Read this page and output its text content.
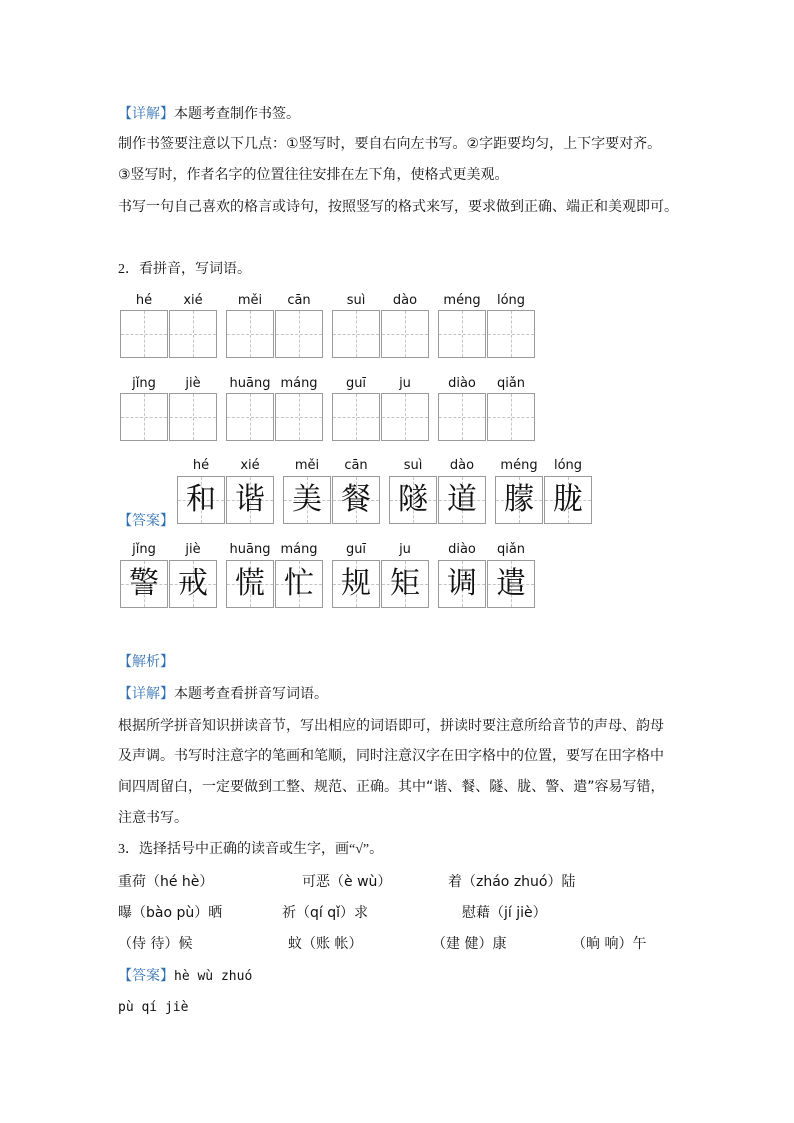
【详解】本题考查制作书签。
制作书签要注意以下几点：①竖写时，要自右向左书写。②字距要均匀，上下字要对齐。
③竖写时，作者名字的位置往往安排在左下角，使格式更美观。
书写一句自己喜欢的格言或诗句，按照竖写的格式来写，要求做到正确、端正和美观即可。
2．看拼音，写词语。
hé	xié	měi	cān	suì	dào	méng	lóng
jǐng	jiè	huāng máng	guī	ju	diào	qiǎn
【答案】
hé	xié	měi	cān	suì	dào	méng	lóng
和 谐 美 餐 隧 道 朦 胧
jǐng	jiè	huāng máng	guī	ju	diào	qiǎn
警 戒 慌 忙 规 矩 调 遣
【解析】
【详解】本题考查看拼音写词语。
根据所学拼音知识拼读音节，写出相应的词语即可，拼读时要注意所给音节的声母、韵母
及声调。书写时注意字的笔画和笔顺，同时注意汉字在田字格中的位置，要写在田字格中
间四周留白，一定要做到工整、规范、正确。其中“谐、餐、隧、胧、警、遣”容易写错，
注意书写。
3．选择括号中正确的读音或生字，画“√”。
重荷（hé hè）	可恶（è wù）	着（zháo zhuó）陆
曝（bào pù）晒	祈（qí qǐ）求	慰藉（jí jiè）
（侍 待）候	蚊（账 帐）	（建 健）康	（晌 响）午
【答案】hè wù zhuó
pù qí jiè
